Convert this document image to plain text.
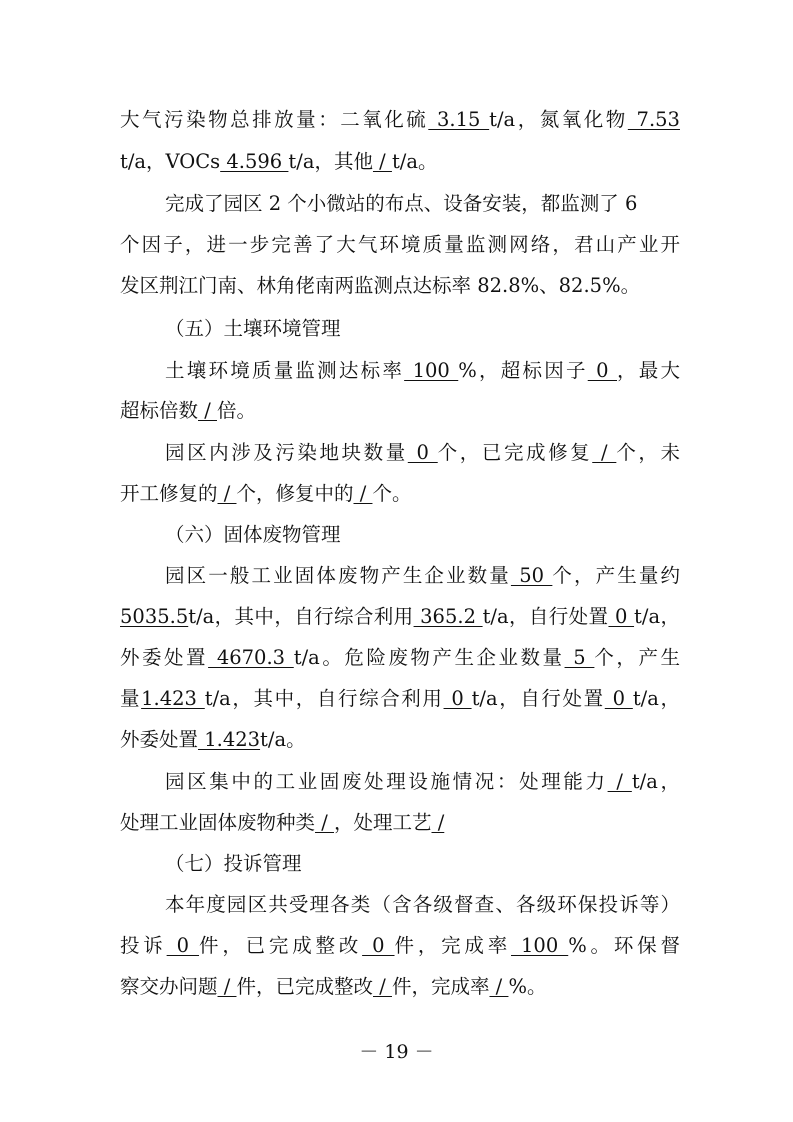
大气污染物总排放量：二氧化硫 3.15 t/a，氮氧化物 7.53
t/a，VOCs 4.596 t/a，其他 / t/a。
完成了园区 2 个小微站的布点、设备安装，都监测了 6
个因子，进一步完善了大气环境质量监测网络，君山产业开
发区荆江门南、林角佬南两监测点达标率 82.8%、82.5%。
（五）土壤环境管理
土壤环境质量监测达标率 100 %，超标因子 0 ，最大
超标倍数 / 倍。
园区内涉及污染地块数量 0 个，已完成修复 / 个，未
开工修复的 / 个，修复中的 / 个。
（六）固体废物管理
园区一般工业固体废物产生企业数量 50 个，产生量约
5035.5t/a，其中，自行综合利用 365.2 t/a，自行处置 0 t/a，
外委处置 4670.3 t/a。危险废物产生企业数量 5 个，产生
量1.423 t/a，其中，自行综合利用 0 t/a，自行处置 0 t/a，
外委处置 1.423t/a。
园区集中的工业固废处理设施情况：处理能力 / t/a，
处理工业固体废物种类 / ，处理工艺 /
（七）投诉管理
本年度园区共受理各类（含各级督查、各级环保投诉等）
投诉 0 件，已完成整改 0 件，完成率 100 %。环保督
察交办问题 / 件，已完成整改 / 件，完成率 / %。
－ 19 －
